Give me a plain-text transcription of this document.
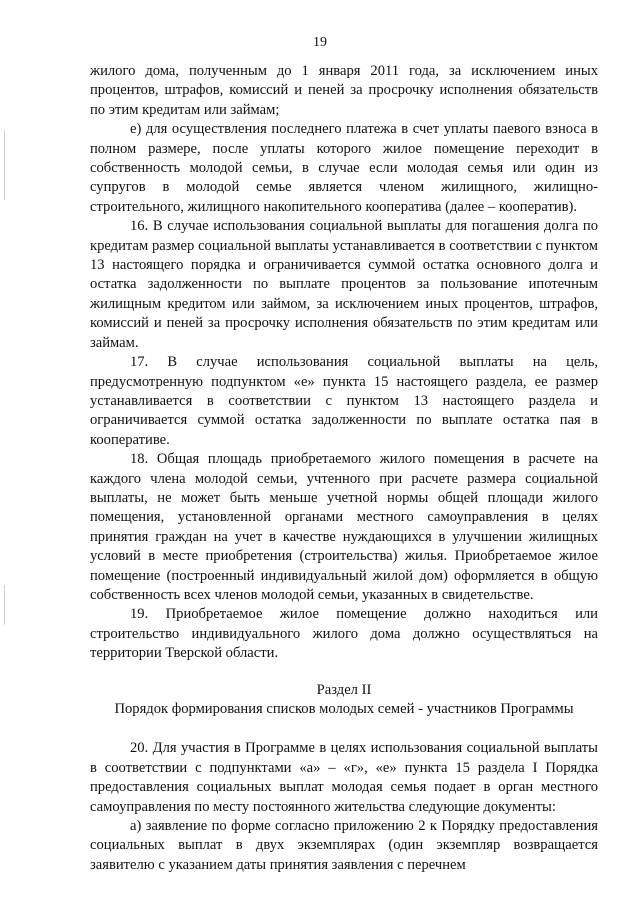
19

жилого дома, полученным до 1 января 2011 года, за исключением иных процентов, штрафов, комиссий и пеней за просрочку исполнения обязательств по этим кредитам или займам;

е) для осуществления последнего платежа в счет уплаты паевого взноса в полном размере, после уплаты которого жилое помещение переходит в собственность молодой семьи, в случае если молодая семья или один из супругов в молодой семье является членом жилищного, жилищно-строительного, жилищного накопительного кооператива (далее – кооператив).

16. В случае использования социальной выплаты для погашения долга по кредитам размер социальной выплаты устанавливается в соответствии с пунктом 13 настоящего порядка и ограничивается суммой остатка основного долга и остатка задолженности по выплате процентов за пользование ипотечным жилищным кредитом или займом, за исключением иных процентов, штрафов, комиссий и пеней за просрочку исполнения обязательств по этим кредитам или займам.

17. В случае использования социальной выплаты на цель, предусмотренную подпунктом «е» пункта 15 настоящего раздела, ее размер устанавливается в соответствии с пунктом 13 настоящего раздела и ограничивается суммой остатка задолженности по выплате остатка пая в кооперативе.

18. Общая площадь приобретаемого жилого помещения в расчете на каждого члена молодой семьи, учтенного при расчете размера социальной выплаты, не может быть меньше учетной нормы общей площади жилого помещения, установленной органами местного самоуправления в целях принятия граждан на учет в качестве нуждающихся в улучшении жилищных условий в месте приобретения (строительства) жилья. Приобретаемое жилое помещение (построенный индивидуальный жилой дом) оформляется в общую собственность всех членов молодой семьи, указанных в свидетельстве.

19. Приобретаемое жилое помещение должно находиться или строительство индивидуального жилого дома должно осуществляться на территории Тверской области.

Раздел II

Порядок формирования списков молодых семей - участников Программы

20. Для участия в Программе в целях использования социальной выплаты в соответствии с подпунктами «а» – «г», «е» пункта 15 раздела I Порядка предоставления социальных выплат молодая семья подает в орган местного самоуправления по месту постоянного жительства следующие документы:

а) заявление по форме согласно приложению 2 к Порядку предоставления социальных выплат в двух экземплярах (один экземпляр возвращается заявителю с указанием даты принятия заявления с перечнем
